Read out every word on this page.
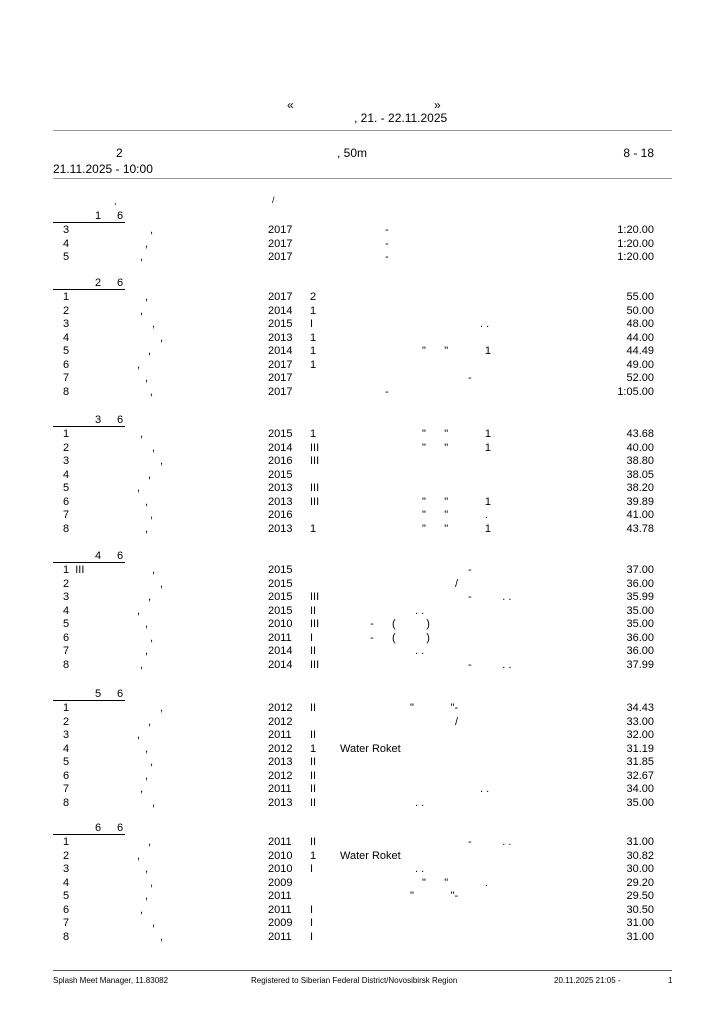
«	»
, 21. - 22.11.2025
2	, 50m	8 - 18
21.11.2025 - 10:00
,	/
1 6
3	,	2017	-	1:20.00
4	,	2017	-	1:20.00
5	,	2017	-	1:20.00
2 6
1	,	2017 2	55.00
2	,	2014 1	50.00
3	,	2015 I	. .	48.00
4	,	2013 1	44.00
5	,	2014 1	"      "            1	44.49
6	,	2017 1	49.00
7	,	2017	-	52.00
8	,	2017	-	1:05.00
3 6
1	,	2015 1	"      "            1	43.68
2	,	2014 III	"      "            1	40.00
3	,	2016 III	38.80
4	,	2015	38.05
5	,	2013 III	38.20
6	,	2013 III	"      "            1	39.89
7	,	2016	"      "            .	41.00
8	,	2013 1	"      "            1	43.78
4 6
1  III	,	2015	-	37.00
2	,	2015	/	36.00
3	,	2015 III	-          . .	35.99
4	,	2015 II	. .	35.00
5	,	2010 III	-      (          )	35.00
6	,	2011 I	-      (          )	36.00
7	,	2014 II	. .	36.00
8	,	2014 III	-          . .	37.99
5 6
1	,	2012 II	"            "-	34.43
2	,	2012	/	33.00
3	,	2011 II	32.00
4	,	2012 1 Water Roket	31.19
5	,	2013 II	31.85
6	,	2012 II	32.67
7	,	2011 II	. .	34.00
8	,	2013 II	. .	35.00
6 6
1	,	2011 II	-          . .	31.00
2	,	2010 1 Water Roket	30.82
3	,	2010 I	. .	30.00
4	,	2009	"      "            .	29.20
5	,	2011	"            "-	29.50
6	,	2011 I	30.50
7	,	2009 I	31.00
8	,	2011 I	31.00
Splash Meet Manager, 11.83082	Registered to Siberian Federal District/Novosibirsk Region	20.11.2025 21:05 -	1
